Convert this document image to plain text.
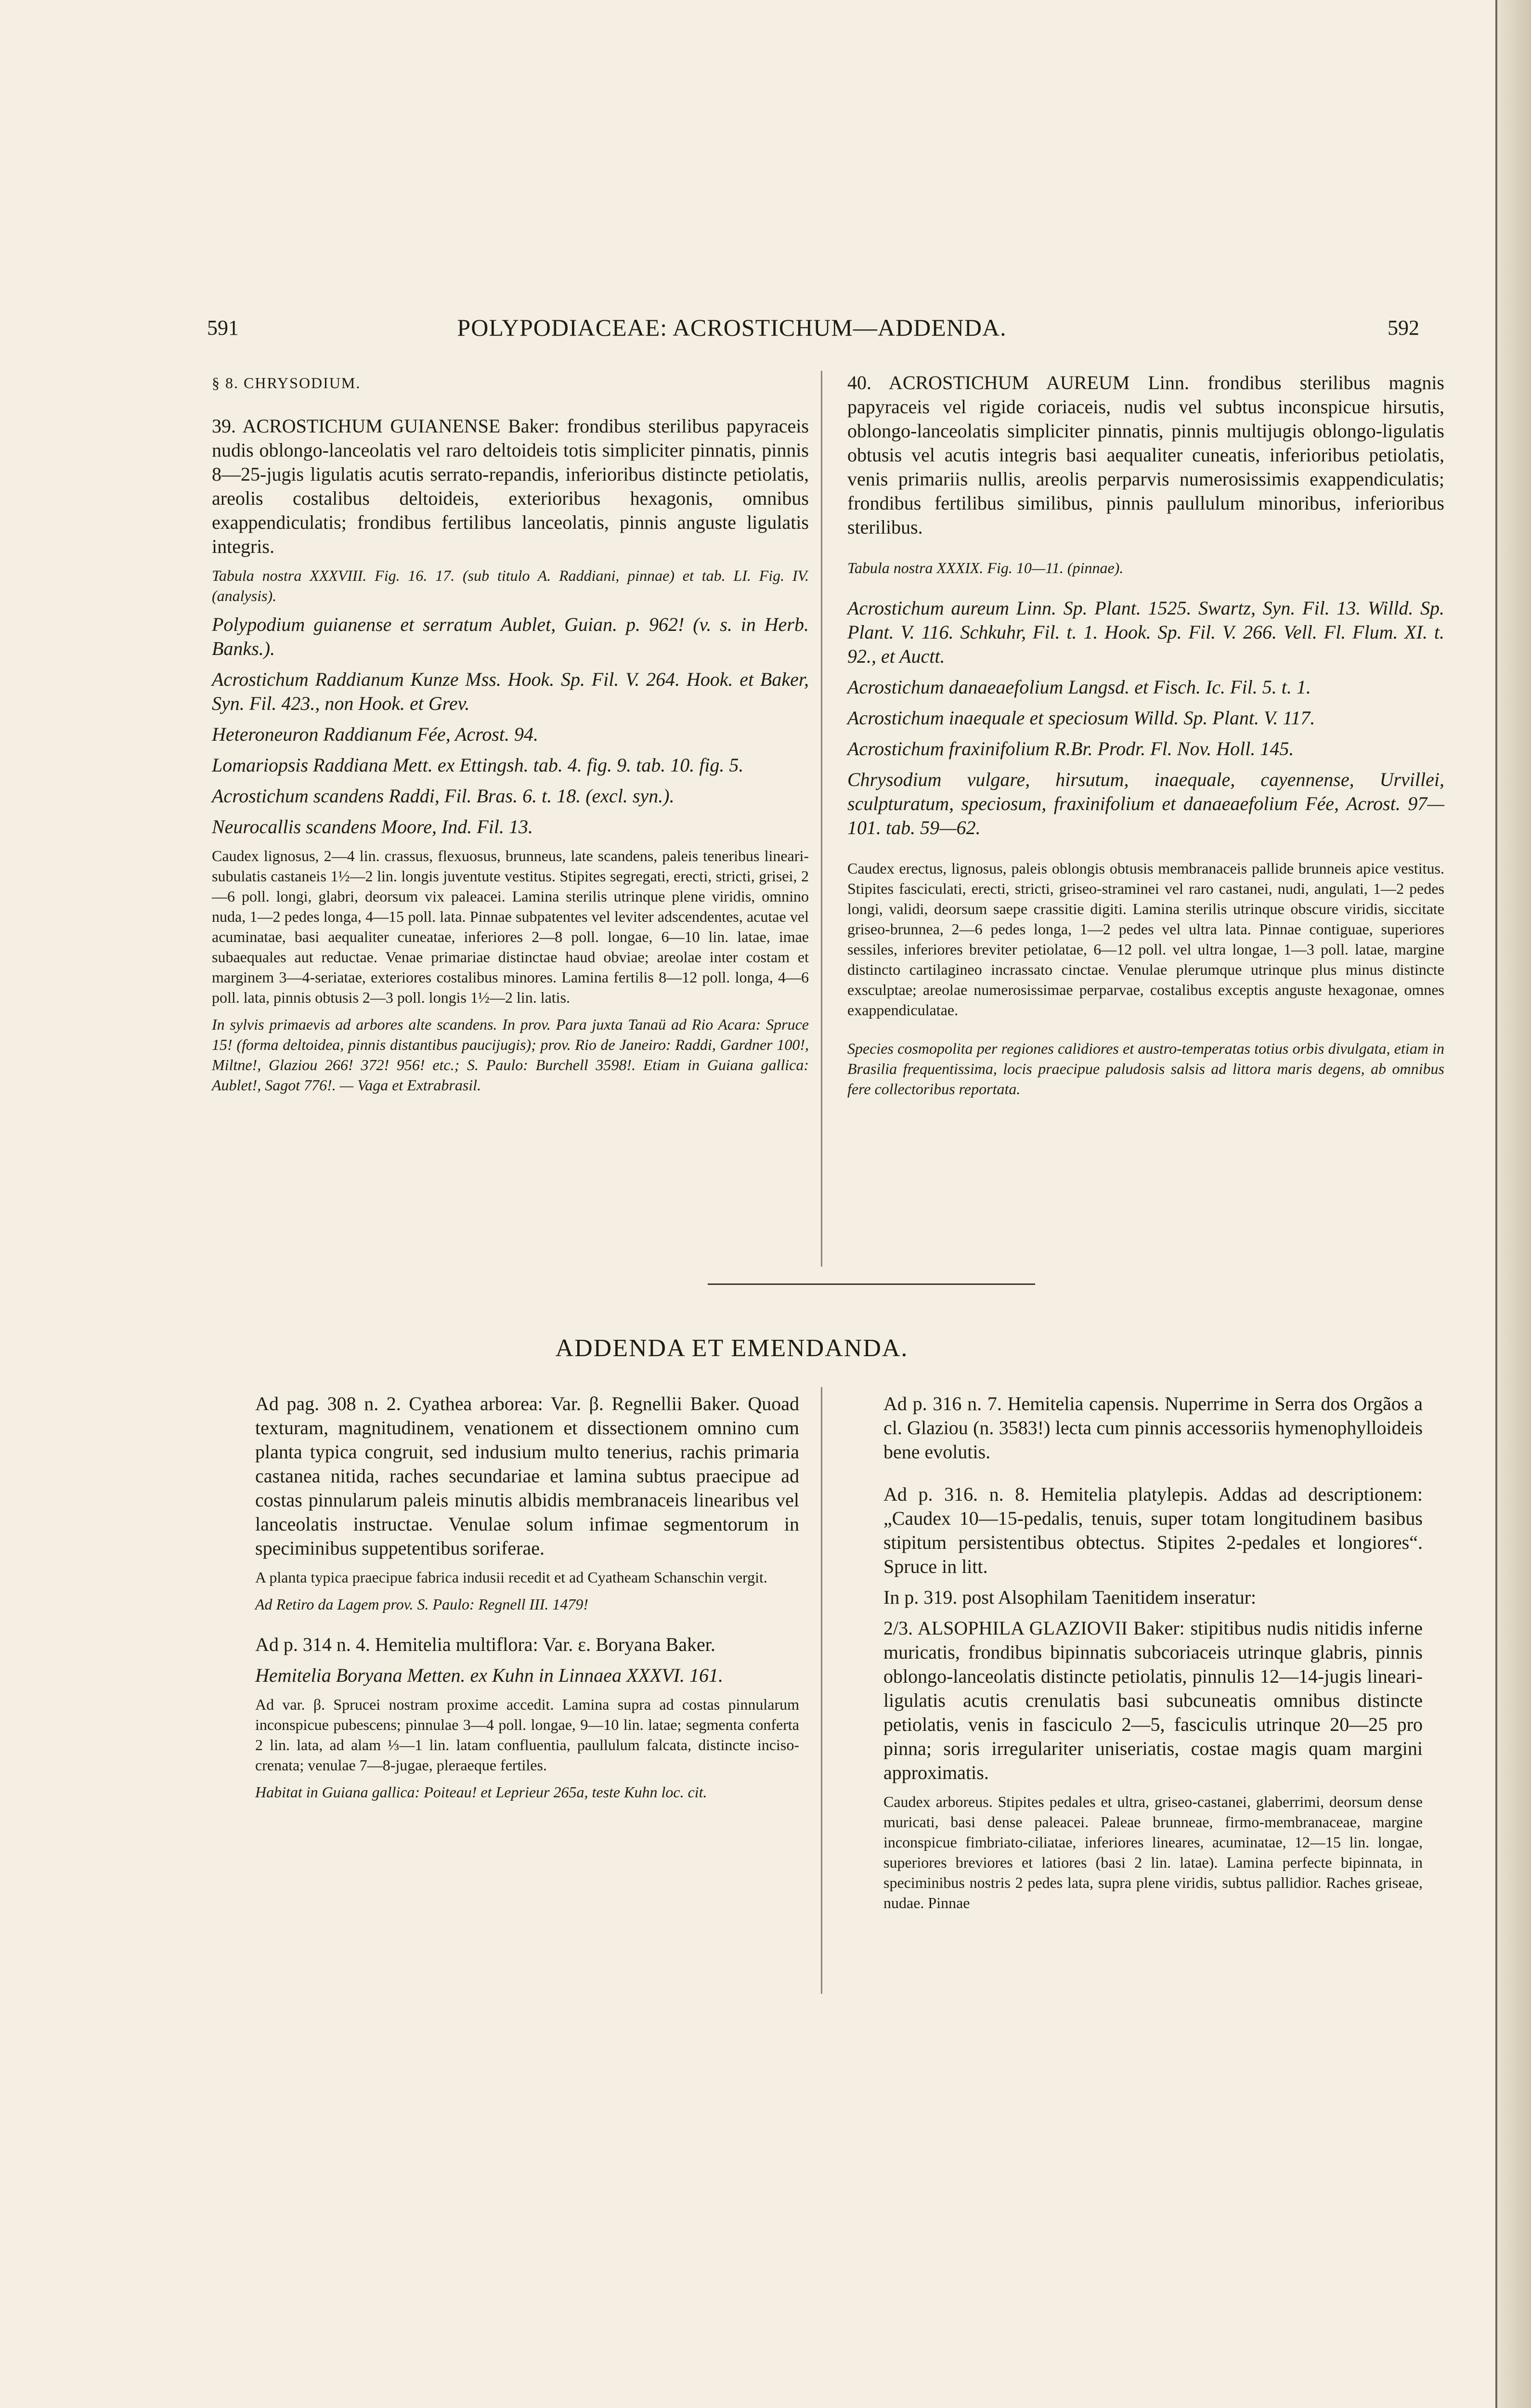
591	POLYPODIACEAE: ACROSTICHUM—ADDENDA.	592

§ 8. CHRYSODIUM.

39. ACROSTICHUM GUIANENSE Baker: frondibus sterilibus papyraceis nudis oblongo-lanceolatis vel raro deltoideis totis simpliciter pinnatis, pinnis 8—25-jugis ligulatis acutis serrato-repandis, inferioribus distincte petiolatis, areolis costalibus deltoideis, exterioribus hexagonis, omnibus exappendiculatis; frondibus fertilibus lanceolatis, pinnis anguste ligulatis integris.

Tabula nostra XXXVIII. Fig. 16. 17. (sub titulo A. Raddiani, pinnae) et tab. LI. Fig. IV. (analysis).

Polypodium guianense et serratum Aublet, Guian. p. 962! (v. s. in Herb. Banks.).

Acrostichum Raddianum Kunze Mss. Hook. Sp. Fil. V. 264. Hook. et Baker, Syn. Fil. 423., non Hook. et Grev.

Heteroneuron Raddianum Fée, Acrost. 94.

Lomariopsis Raddiana Mett. ex Ettingsh. tab. 4. fig. 9. tab. 10. fig. 5.

Acrostichum scandens Raddi, Fil. Bras. 6. t. 18. (excl. syn.).

Neurocallis scandens Moore, Ind. Fil. 13.

Caudex lignosus, 2—4 lin. crassus, flexuosus, brunneus, late scandens, paleis teneribus lineari-subulatis castaneis 1½—2 lin. longis juventute vestitus. Stipites segregati, erecti, stricti, grisei, 2—6 poll. longi, glabri, deorsum vix paleacei. Lamina sterilis utrinque plene viridis, omnino nuda, 1—2 pedes longa, 4—15 poll. lata. Pinnae subpatentes vel leviter adscendentes, acutae vel acuminatae, basi aequaliter cuneatae, inferiores 2—8 poll. longae, 6—10 lin. latae, imae subaequales aut reductae. Venae primariae distinctae haud obviae; areolae inter costam et marginem 3—4-seriatae, exteriores costalibus minores. Lamina fertilis 8—12 poll. longa, 4—6 poll. lata, pinnis obtusis 2—3 poll. longis 1½—2 lin. latis.

In sylvis primaevis ad arbores alte scandens. In prov. Para juxta Tanaü ad Rio Acara: Spruce 15! (forma deltoidea, pinnis distantibus paucijugis); prov. Rio de Janeiro: Raddi, Gardner 100!, Miltne!, Glaziou 266! 372! 956! etc.; S. Paulo: Burchell 3598!. Etiam in Guiana gallica: Aublet!, Sagot 776!. — Vaga et Extrabrasil.

40. ACROSTICHUM AUREUM Linn. frondibus sterilibus magnis papyraceis vel rigide coriaceis, nudis vel subtus inconspicue hirsutis, oblongo-lanceolatis simpliciter pinnatis, pinnis multijugis oblongo-ligulatis obtusis vel acutis integris basi aequaliter cuneatis, inferioribus petiolatis, venis primariis nullis, areolis perparvis numerosissimis exappendiculatis; frondibus fertilibus similibus, pinnis paullulum minoribus, inferioribus sterilibus.

Tabula nostra XXXIX. Fig. 10—11. (pinnae).

Acrostichum aureum Linn. Sp. Plant. 1525. Swartz, Syn. Fil. 13. Willd. Sp. Plant. V. 116. Schkuhr, Fil. t. 1. Hook. Sp. Fil. V. 266. Vell. Fl. Flum. XI. t. 92., et Auctt.

Acrostichum danaeaefolium Langsd. et Fisch. Ic. Fil. 5. t. 1.

Acrostichum inaequale et speciosum Willd. Sp. Plant. V. 117.

Acrostichum fraxinifolium R.Br. Prodr. Fl. Nov. Holl. 145.

Chrysodium vulgare, hirsutum, inaequale, cayennense, Urvillei, sculpturatum, speciosum, fraxinifolium et danaeaefolium Fée, Acrost. 97—101. tab. 59—62.

Caudex erectus, lignosus, paleis oblongis obtusis membranaceis pallide brunneis apice vestitus. Stipites fasciculati, erecti, stricti, griseo-straminei vel raro castanei, nudi, angulati, 1—2 pedes longi, validi, deorsum saepe crassitie digiti. Lamina sterilis utrinque obscure viridis, siccitate griseo-brunnea, 2—6 pedes longa, 1—2 pedes vel ultra lata. Pinnae contiguae, superiores sessiles, inferiores breviter petiolatae, 6—12 poll. vel ultra longae, 1—3 poll. latae, margine distincto cartilagineo incrassato cinctae. Venulae plerumque utrinque plus minus distincte exsculptae; areolae numerosissimae perparvae, costalibus exceptis anguste hexagonae, omnes exappendiculatae.

Species cosmopolita per regiones calidiores et austro-temperatas totius orbis divulgata, etiam in Brasilia frequentissima, locis praecipue paludosis salsis ad littora maris degens, ab omnibus fere collectoribus reportata.

ADDENDA ET EMENDANDA.

Ad pag. 308 n. 2. Cyathea arborea: Var. β. Regnellii Baker. Quoad texturam, magnitudinem, venationem et dissectionem omnino cum planta typica congruit, sed indusium multo tenerius, rachis primaria castanea nitida, raches secundariae et lamina subtus praecipue ad costas pinnularum paleis minutis albidis membranaceis linearibus vel lanceolatis instructae. Venulae solum infimae segmentorum in speciminibus suppetentibus soriferae.

A planta typica praecipue fabrica indusii recedit et ad Cyatheam Schanschin vergit.

Ad Retiro da Lagem prov. S. Paulo: Regnell III. 1479!

Ad p. 314 n. 4. Hemitelia multiflora: Var. ε. Boryana Baker.

Hemitelia Boryana Metten. ex Kuhn in Linnaea XXXVI. 161.

Ad var. β. Sprucei nostram proxime accedit. Lamina supra ad costas pinnularum inconspicue pubescens; pinnulae 3—4 poll. longae, 9—10 lin. latae; segmenta conferta 2 lin. lata, ad alam ⅓—1 lin. latam confluentia, paullulum falcata, distincte inciso-crenata; venulae 7—8-jugae, pleraeque fertiles.

Habitat in Guiana gallica: Poiteau! et Leprieur 265a, teste Kuhn loc. cit.

Ad p. 316 n. 7. Hemitelia capensis. Nuperrime in Serra dos Orgãos a cl. Glaziou (n. 3583!) lecta cum pinnis accessoriis hymenophylloideis bene evolutis.

Ad p. 316. n. 8. Hemitelia platylepis. Addas ad descriptionem: „Caudex 10—15-pedalis, tenuis, super totam longitudinem basibus stipitum persistentibus obtectus. Stipites 2-pedales et longiores“. Spruce in litt.

In p. 319. post Alsophilam Taenitidem inseratur:

2/3. ALSOPHILA GLAZIOVII Baker: stipitibus nudis nitidis inferne muricatis, frondibus bipinnatis subcoriaceis utrinque glabris, pinnis oblongo-lanceolatis distincte petiolatis, pinnulis 12—14-jugis lineari-ligulatis acutis crenulatis basi subcuneatis omnibus distincte petiolatis, venis in fasciculo 2—5, fasciculis utrinque 20—25 pro pinna; soris irregulariter uniseriatis, costae magis quam margini approximatis.

Caudex arboreus. Stipites pedales et ultra, griseo-castanei, glaberrimi, deorsum dense muricati, basi dense paleacei. Paleae brunneae, firmo-membranaceae, margine inconspicue fimbriato-ciliatae, inferiores lineares, acuminatae, 12—15 lin. longae, superiores breviores et latiores (basi 2 lin. latae). Lamina perfecte bipinnata, in speciminibus nostris 2 pedes lata, supra plene viridis, subtus pallidior. Raches griseae, nudae. Pinnae
